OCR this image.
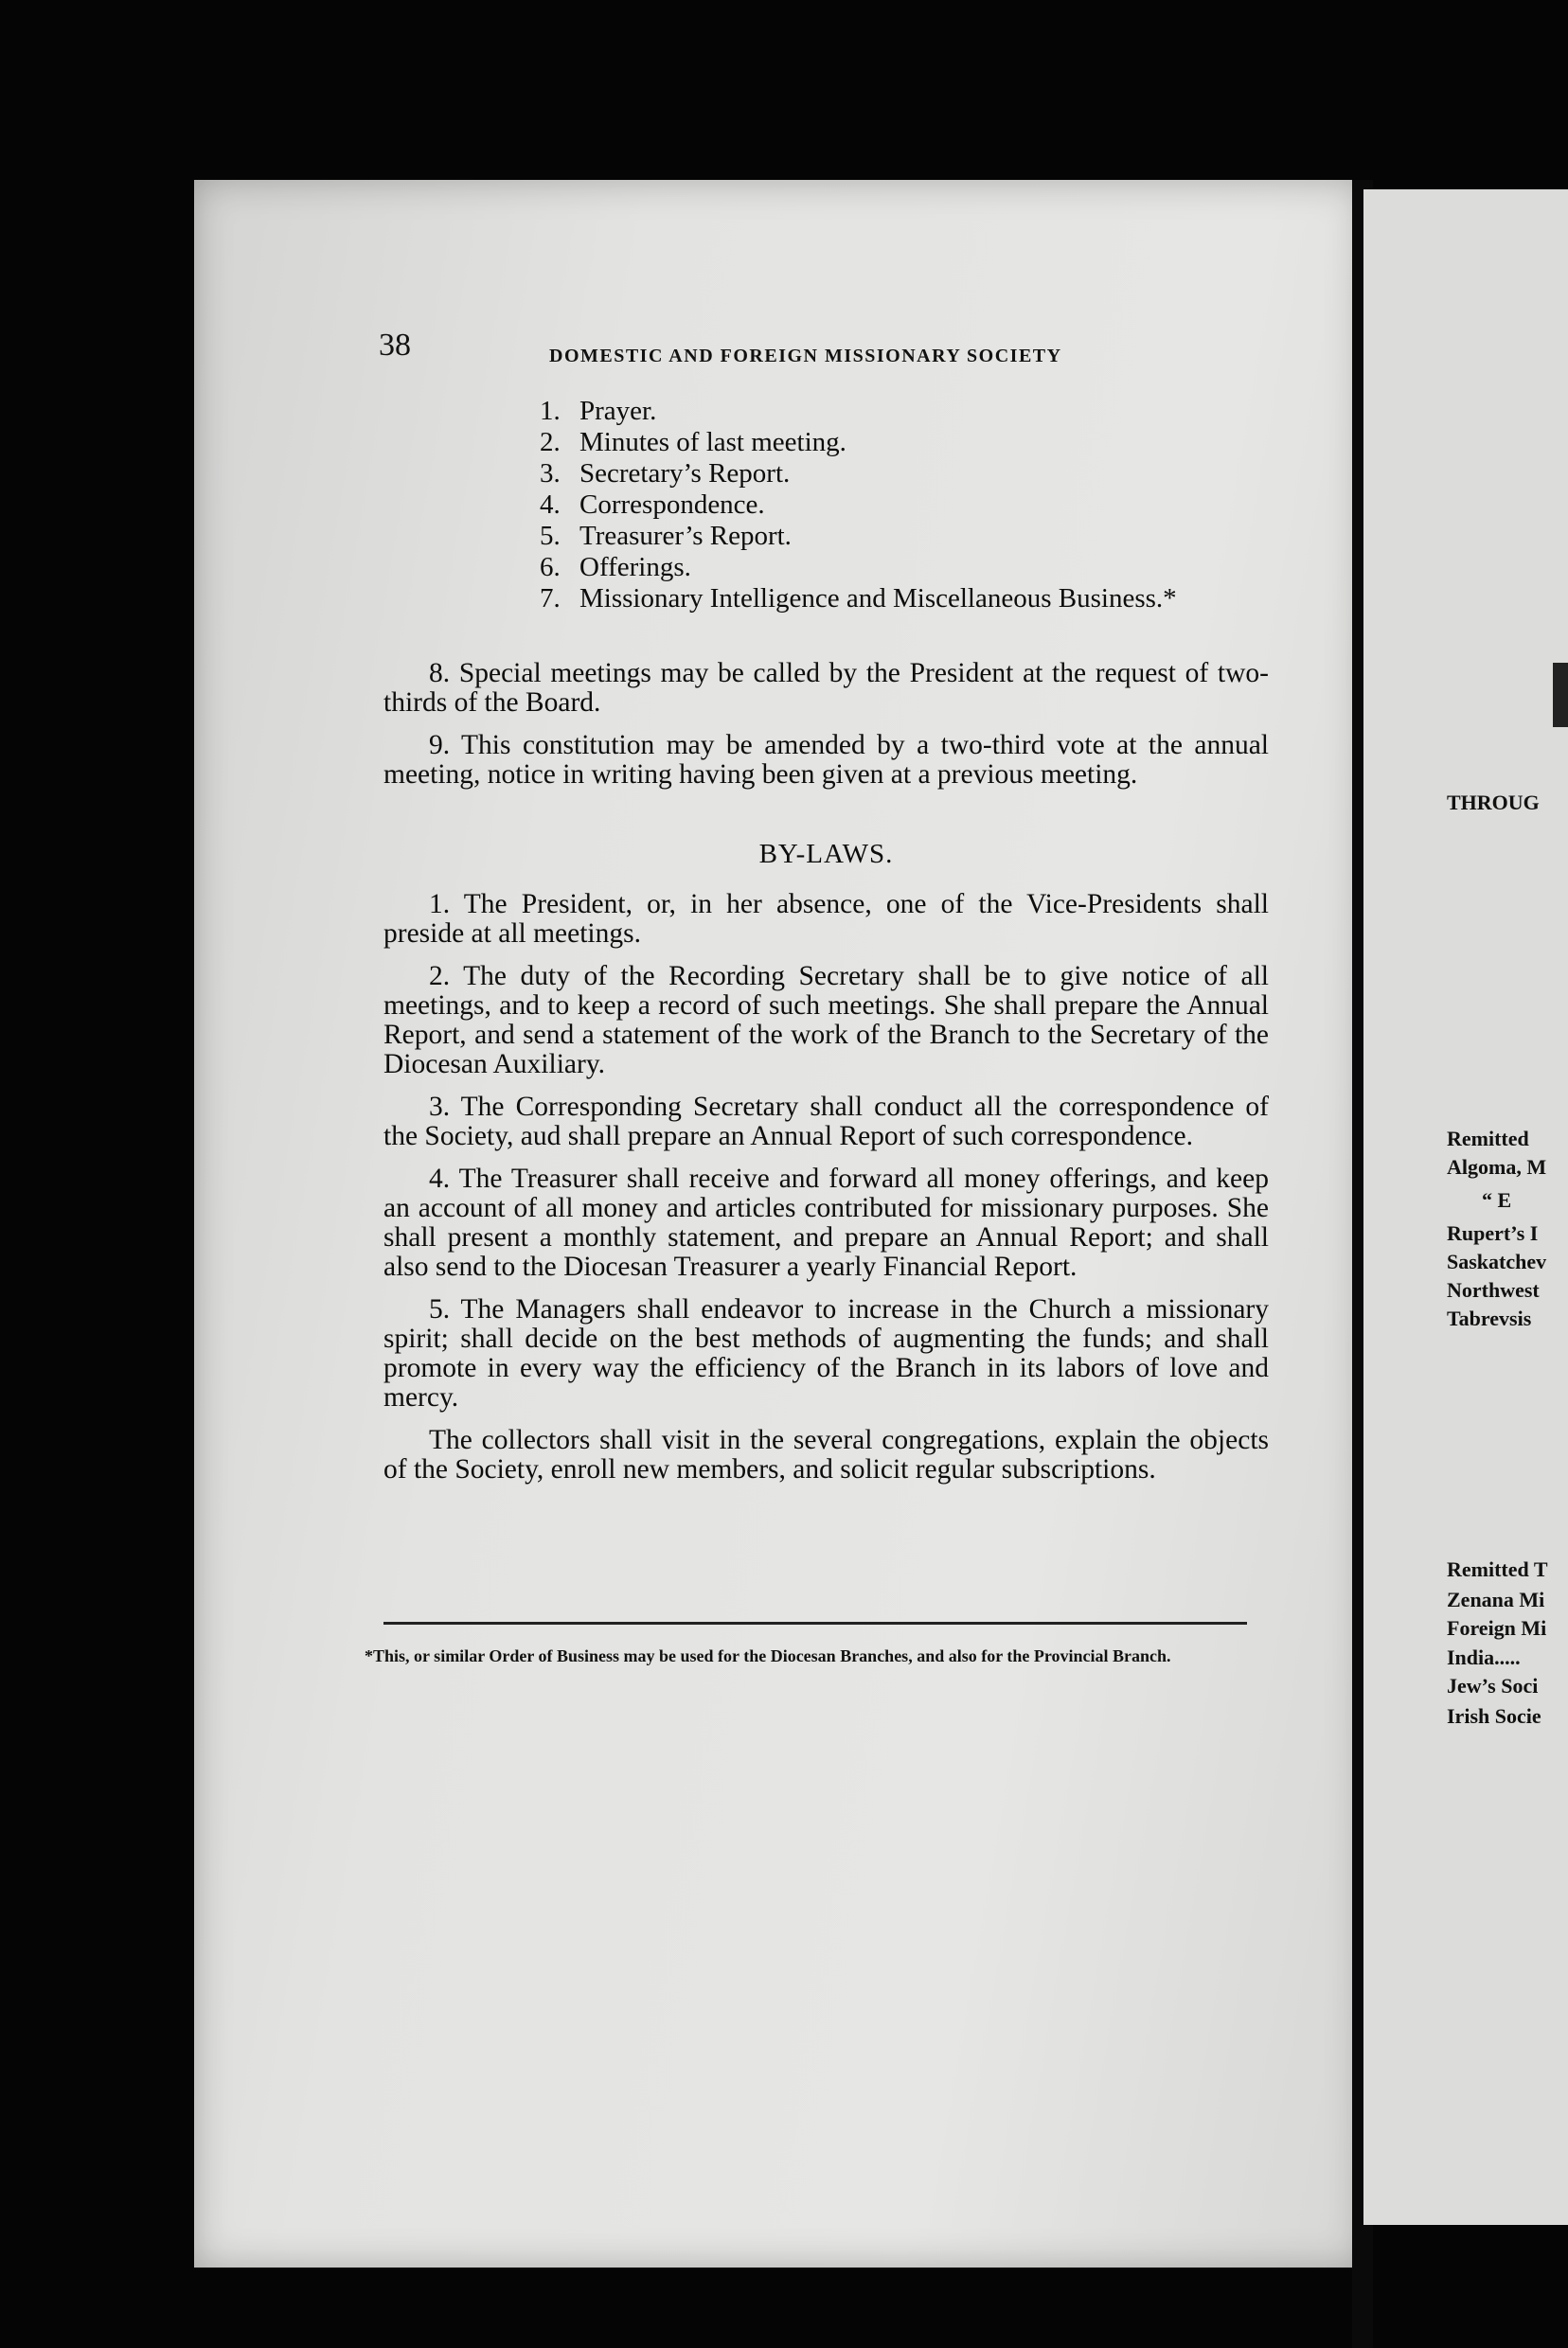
38	DOMESTIC AND FOREIGN MISSIONARY SOCIETY
1. Prayer.
2. Minutes of last meeting.
3. Secretary’s Report.
4. Correspondence.
5. Treasurer’s Report.
6. Offerings.
7. Missionary Intelligence and Miscellaneous Business.*

8. Special meetings may be called by the President at the request of two-thirds of the Board.

9. This constitution may be amended by a two-third vote at the annual meeting, notice in writing having been given at a previous meeting.

BY-LAWS.

1. The President, or, in her absence, one of the Vice-Presidents shall preside at all meetings.

2. The duty of the Recording Secretary shall be to give notice of all meetings, and to keep a record of such meetings. She shall prepare the Annual Report, and send a statement of the work of the Branch to the Secretary of the Diocesan Auxiliary.

3. The Corresponding Secretary shall conduct all the correspondence of the Society, aud shall prepare an Annual Report of such correspondence.

4. The Treasurer shall receive and forward all money offerings, and keep an account of all money and articles contributed for missionary purposes. She shall present a monthly statement, and prepare an Annual Report; and shall also send to the Diocesan Treasurer a yearly Financial Report.

5. The Managers shall endeavor to increase in the Church a missionary spirit; shall decide on the best methods of augmenting the funds; and shall promote in every way the efficiency of the Branch in its labors of love and mercy.

The collectors shall visit in the several congregations, explain the objects of the Society, enroll new members, and solicit regular subscriptions.

*This, or similar Order of Business may be used for the Diocesan Branches, and also for the Provincial Branch.
THROUG
Remitted
Algoma, M
“ E
Rupert’s I
Saskatchev
Northwest
Tabrevsis
Remitted T
Zenana Mi
Foreign Mi
India.....
Jew’s Soci
Irish Socie
